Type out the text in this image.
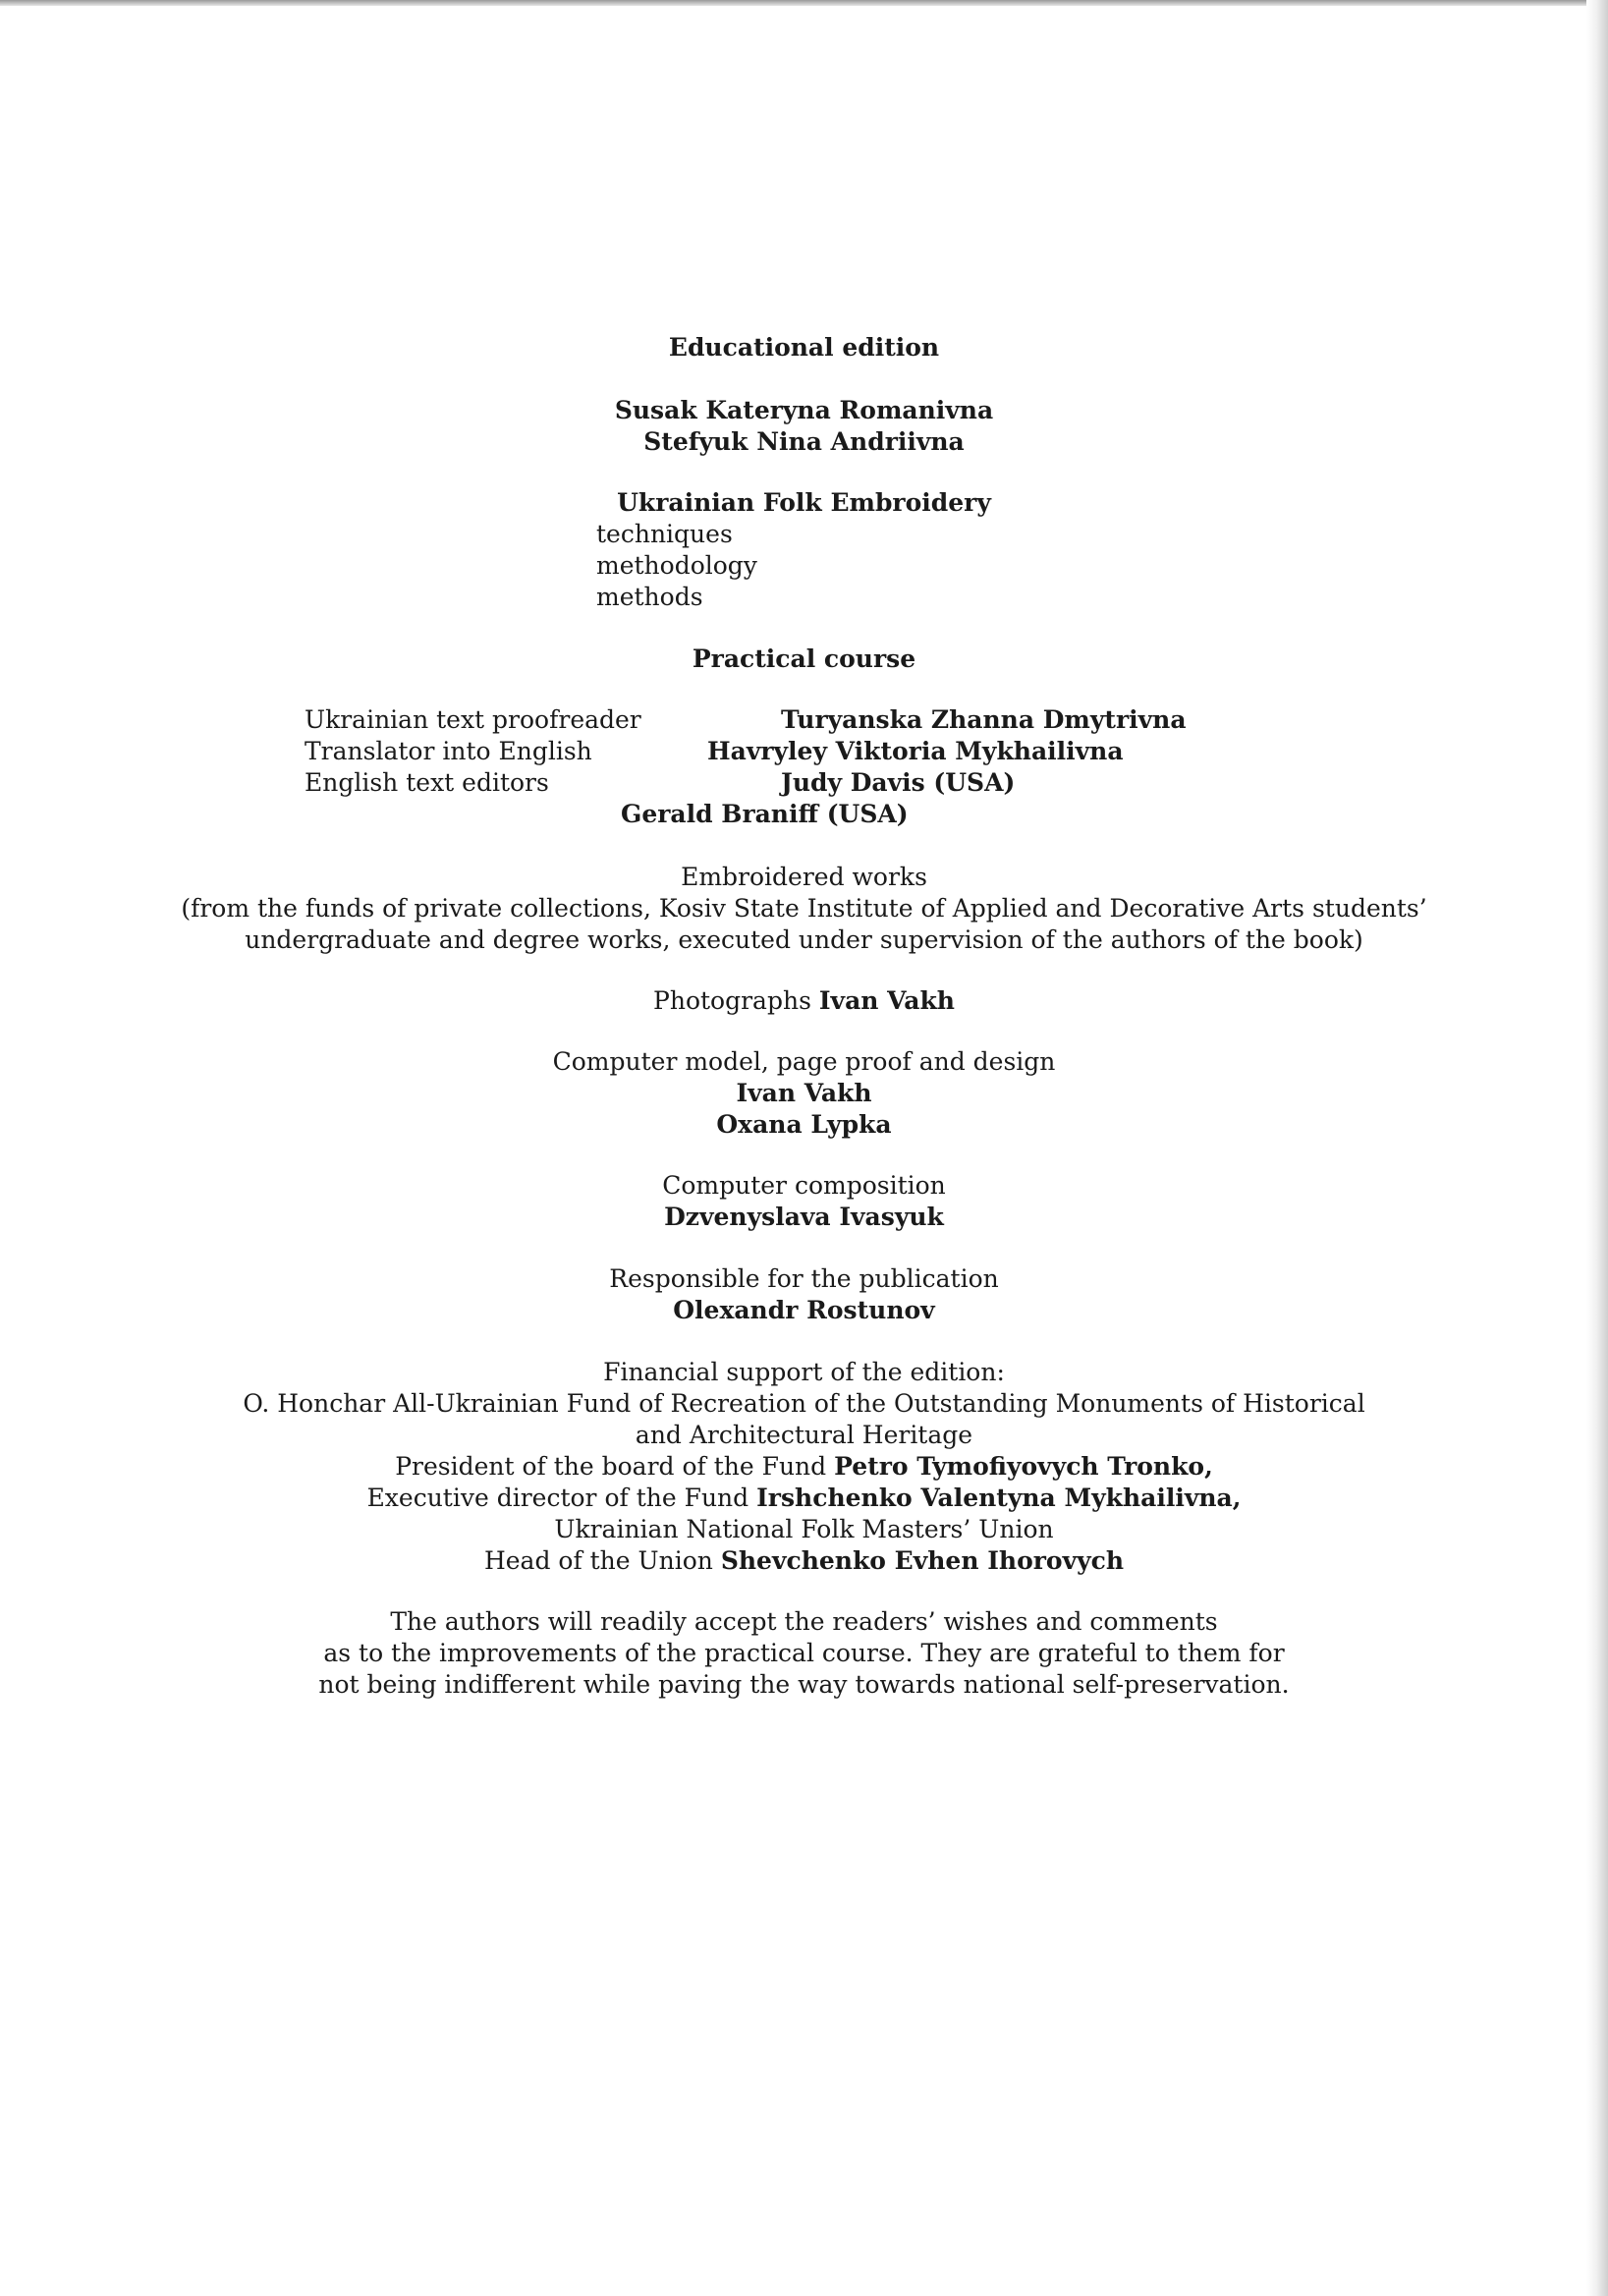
Educational edition
Susak Kateryna Romanivna
Stefyuk Nina Andriivna
Ukrainian Folk Embroidery
techniques
methodology
methods
Practical course
Ukrainian text proofreader	Turyanska Zhanna Dmytrivna
Translator into English	Havryley Viktoria Mykhailivna
English text editors	Judy Davis (USA)
Gerald Braniff (USA)
Embroidered works
(from the funds of private collections, Kosiv State Institute of Applied and Decorative Arts students’
undergraduate and degree works, executed under supervision of the authors of the book)
Photographs Ivan Vakh
Computer model, page proof and design
Ivan Vakh
Oxana Lypka
Computer composition
Dzvenyslava Ivasyuk
Responsible for the publication
Olexandr Rostunov
Financial support of the edition:
O. Honchar All-Ukrainian Fund of Recreation of the Outstanding Monuments of Historical
and Architectural Heritage
President of the board of the Fund Petro Tymofiyovych Tronko,
Executive director of the Fund Irshchenko Valentyna Mykhailivna,
Ukrainian National Folk Masters’ Union
Head of the Union Shevchenko Evhen Ihorovych
The authors will readily accept the readers’ wishes and comments
as to the improvements of the practical course. They are grateful to them for
not being indifferent while paving the way towards national self-preservation.
